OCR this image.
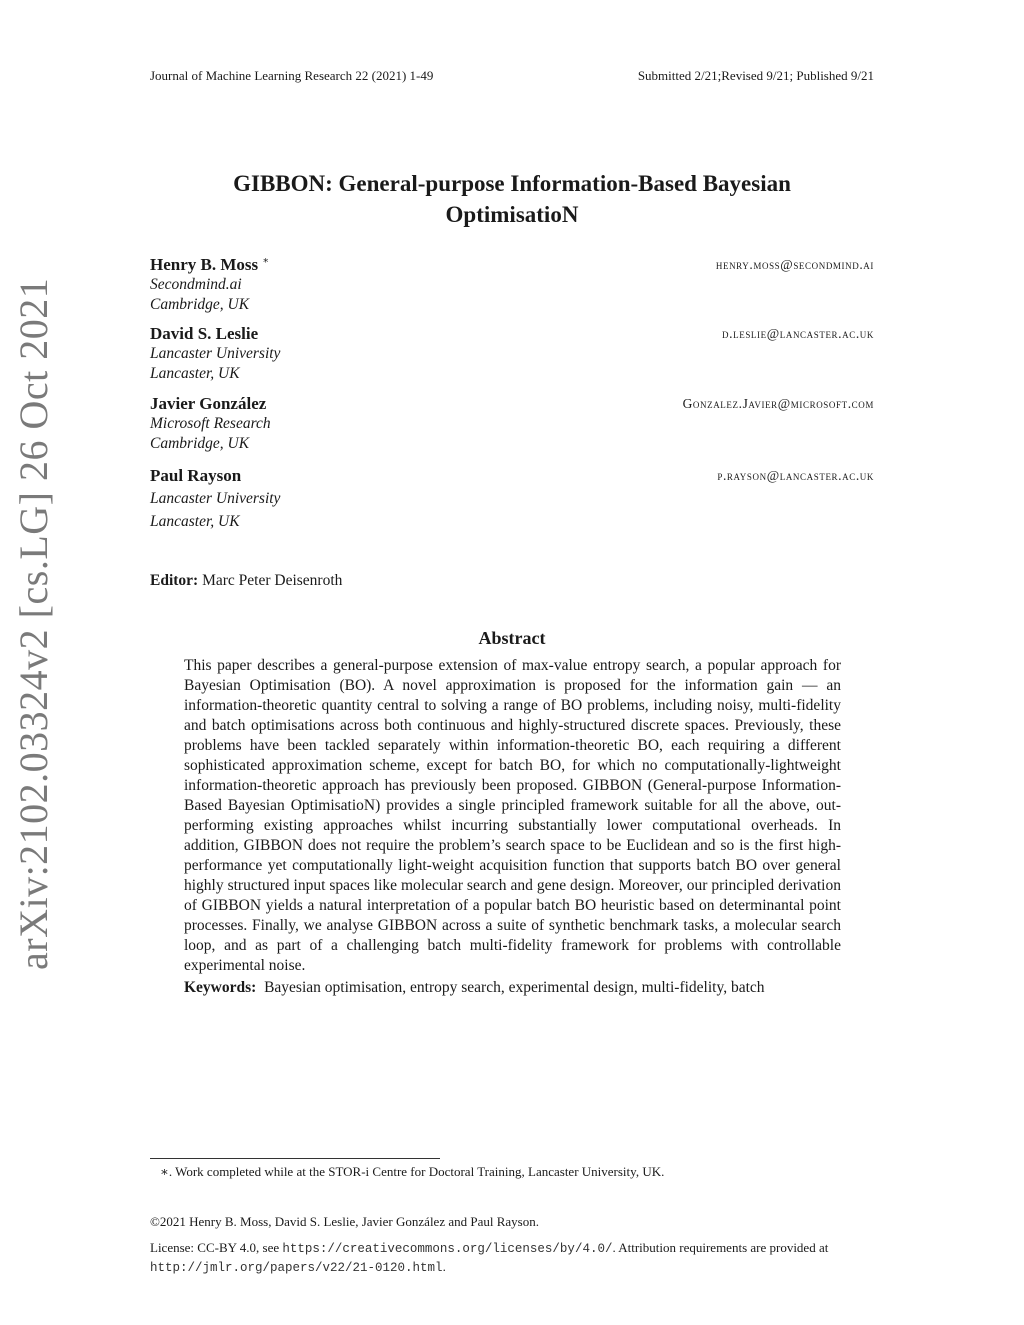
Journal of Machine Learning Research 22 (2021) 1-49	Submitted 2/21;Revised 9/21; Published 9/21
arXiv:2102.03324v2 [cs.LG] 26 Oct 2021
GIBBON: General-purpose Information-Based Bayesian
OptimisatioN
Henry B. Moss ∗	henry.moss@secondmind.ai
Secondmind.ai
Cambridge, UK
David S. Leslie	d.leslie@lancaster.ac.uk
Lancaster University
Lancaster, UK
Javier González	Gonzalez.Javier@microsoft.com
Microsoft Research
Cambridge, UK
Paul Rayson	p.rayson@lancaster.ac.uk
Lancaster University
Lancaster, UK
Editor: Marc Peter Deisenroth
Abstract
This paper describes a general-purpose extension of max-value entropy search, a popular approach for Bayesian Optimisation (BO). A novel approximation is proposed for the information gain — an information-theoretic quantity central to solving a range of BO problems, including noisy, multi-fidelity and batch optimisations across both continuous and highly-structured discrete spaces. Previously, these problems have been tackled separately within information-theoretic BO, each requiring a different sophisticated approximation scheme, except for batch BO, for which no computationally-lightweight information-theoretic approach has previously been proposed. GIBBON (General-purpose Information-Based Bayesian OptimisatioN) provides a single principled framework suitable for all the above, out-performing existing approaches whilst incurring substantially lower computational overheads. In addition, GIBBON does not require the problem’s search space to be Euclidean and so is the first high-performance yet computationally light-weight acquisition function that supports batch BO over general highly structured input spaces like molecular search and gene design. Moreover, our principled derivation of GIBBON yields a natural interpretation of a popular batch BO heuristic based on determinantal point processes. Finally, we analyse GIBBON across a suite of synthetic benchmark tasks, a molecular search loop, and as part of a challenging batch multi-fidelity framework for problems with controllable experimental noise.
Keywords: Bayesian optimisation, entropy search, experimental design, multi-fidelity, batch
∗. Work completed while at the STOR-i Centre for Doctoral Training, Lancaster University, UK.
©2021 Henry B. Moss, David S. Leslie, Javier González and Paul Rayson.
License: CC-BY 4.0, see https://creativecommons.org/licenses/by/4.0/. Attribution requirements are provided at
http://jmlr.org/papers/v22/21-0120.html.
